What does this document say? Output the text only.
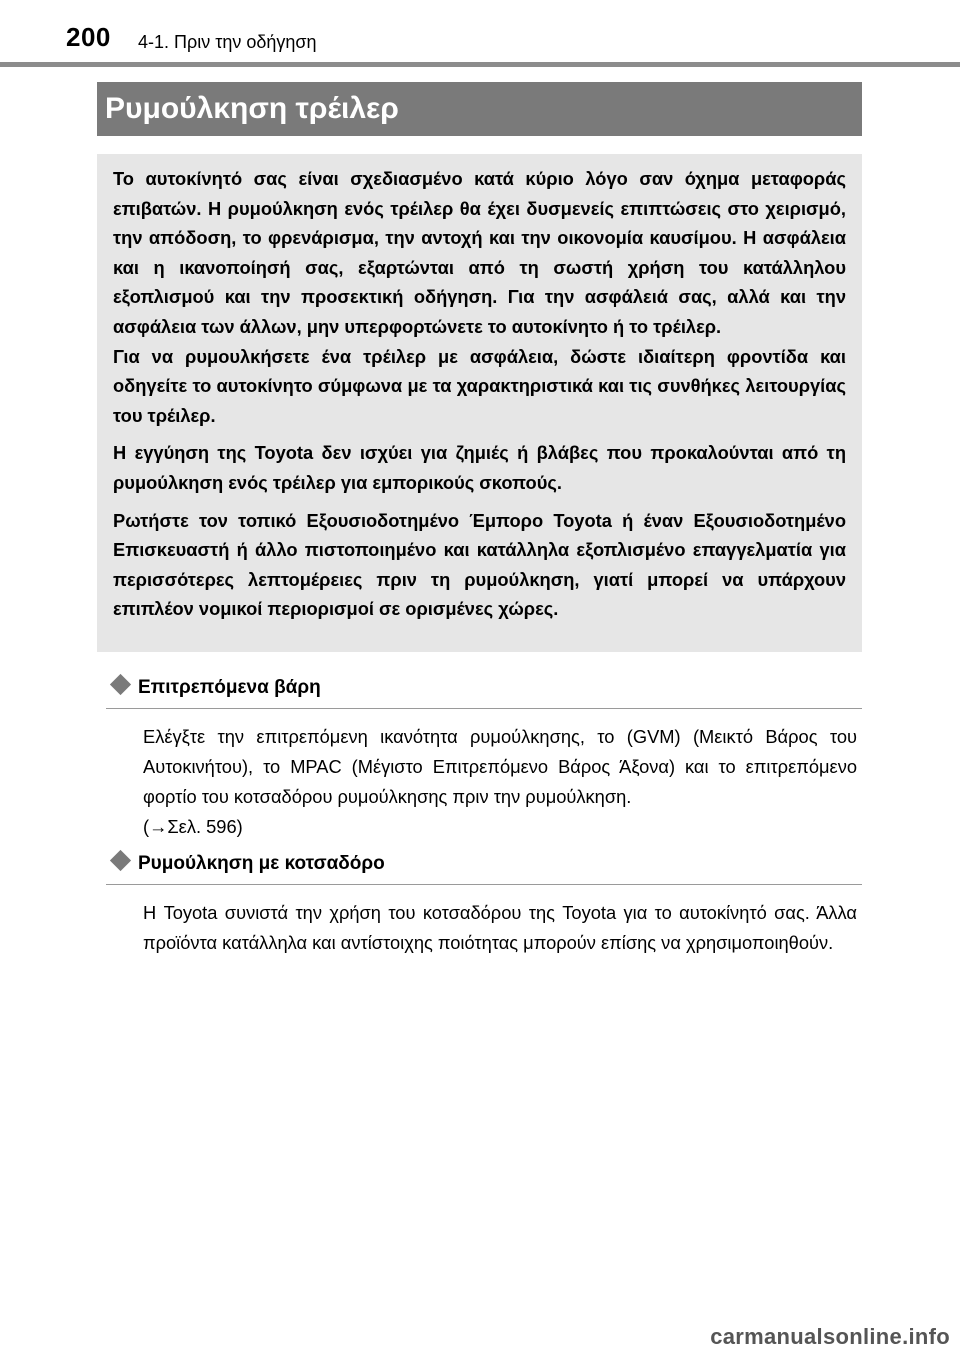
200 4-1. Πριν την οδήγηση
Ρυμούλκηση τρέιλερ

Το αυτοκίνητό σας είναι σχεδιασμένο κατά κύριο λόγο σαν όχημα μεταφοράς επιβατών. Η ρυμούλκηση ενός τρέιλερ θα έχει δυσμενείς επιπτώσεις στο χειρισμό, την απόδοση, το φρενάρισμα, την αντοχή και την οικονομία καυσίμου. Η ασφάλεια και η ικανοποίησή σας, εξαρτώνται από τη σωστή χρήση του κατάλληλου εξοπλισμού και την προσεκτική οδήγηση. Για την ασφάλειά σας, αλλά και την ασφάλεια των άλλων, μην υπερφορτώνετε το αυτοκίνητο ή το τρέιλερ.

Για να ρυμουλκήσετε ένα τρέιλερ με ασφάλεια, δώστε ιδιαίτερη φροντίδα και οδηγείτε το αυτοκίνητο σύμφωνα με τα χαρακτηριστικά και τις συνθήκες λειτουργίας του τρέιλερ.

Η εγγύηση της Toyota δεν ισχύει για ζημιές ή βλάβες που προκαλούνται από τη ρυμούλκηση ενός τρέιλερ για εμπορικούς σκοπούς.

Ρωτήστε τον τοπικό Εξουσιοδοτημένο Έμπορο Toyota ή έναν Εξουσιοδοτημένο Επισκευαστή ή άλλο πιστοποιημένο και κατάλληλα εξοπλισμένο επαγγελματία για περισσότερες λεπτομέρειες πριν τη ρυμούλκηση, γιατί μπορεί να υπάρχουν επιπλέον νομικοί περιορισμοί σε ορισμένες χώρες.

Επιτρεπόμενα βάρη

Ελέγξτε την επιτρεπόμενη ικανότητα ρυμούλκησης, το (GVM) (Μεικτό Βάρος του Αυτοκινήτου), το MPAC (Μέγιστο Επιτρεπόμενο Βάρος Άξονα) και το επιτρεπόμενο φορτίο του κοτσαδόρου ρυμούλκησης πριν την ρυμούλκηση.

(→Σελ. 596)

Ρυμούλκηση με κοτσαδόρο

Η Toyota συνιστά την χρήση του κοτσαδόρου της Toyota για το αυτοκίνητό σας. Άλλα προϊόντα κατάλληλα και αντίστοιχης ποιότητας μπορούν επίσης να χρησιμοποιηθούν.

carmanualsonline.info
